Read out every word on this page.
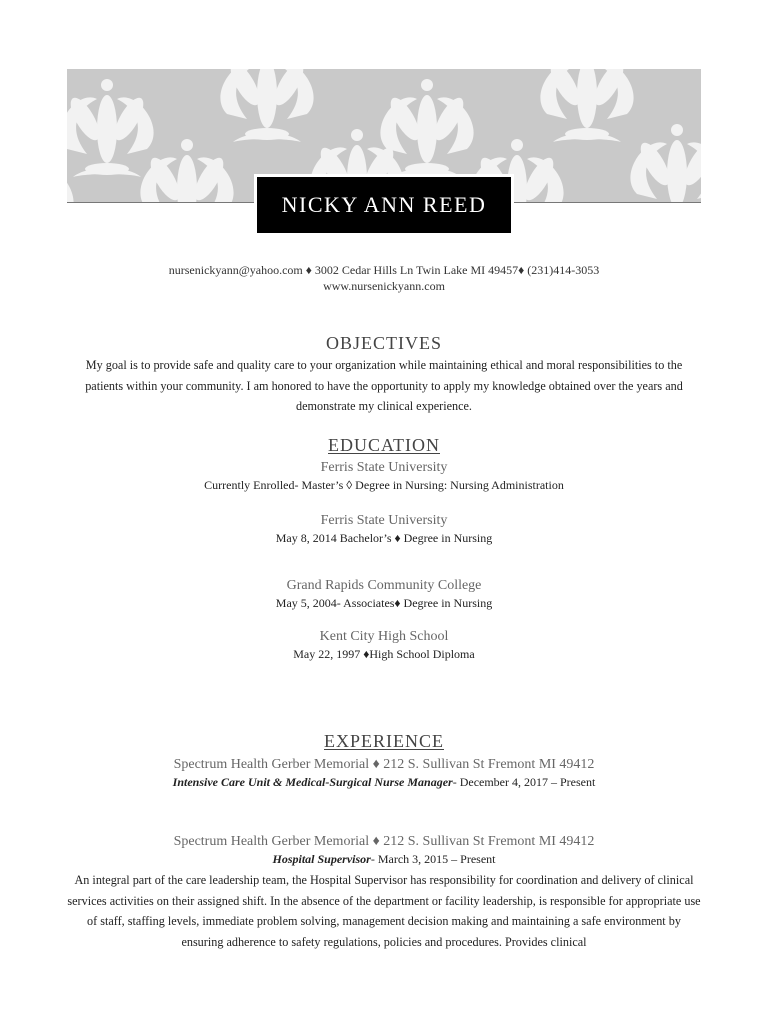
NICKY ANN REED
nursenickyann@yahoo.com ♦ 3002 Cedar Hills Ln Twin Lake MI 49457♦ (231)414-3053
www.nursenickyann.com
OBJECTIVES
My goal is to provide safe and quality care to your organization while maintaining ethical and moral responsibilities to the patients within your community. I am honored to have the opportunity to apply my knowledge obtained over the years and demonstrate my clinical experience.
EDUCATION
Ferris State University
Currently Enrolled- Master’s ◊ Degree in Nursing: Nursing Administration
Ferris State University
May 8, 2014 Bachelor’s ♦ Degree in Nursing
Grand Rapids Community College
May 5, 2004- Associates♦ Degree in Nursing
Kent City High School
May 22, 1997 ♦High School Diploma
EXPERIENCE
Spectrum Health Gerber Memorial ♦ 212 S. Sullivan St Fremont MI 49412
Intensive Care Unit & Medical-Surgical Nurse Manager- December 4, 2017 – Present
Spectrum Health Gerber Memorial ♦ 212 S. Sullivan St Fremont MI 49412
Hospital Supervisor- March 3, 2015 – Present
An integral part of the care leadership team, the Hospital Supervisor has responsibility for coordination and delivery of clinical services activities on their assigned shift. In the absence of the department or facility leadership, is responsible for appropriate use of staff, staffing levels, immediate problem solving, management decision making and maintaining a safe environment by ensuring adherence to safety regulations, policies and procedures. Provides clinical
